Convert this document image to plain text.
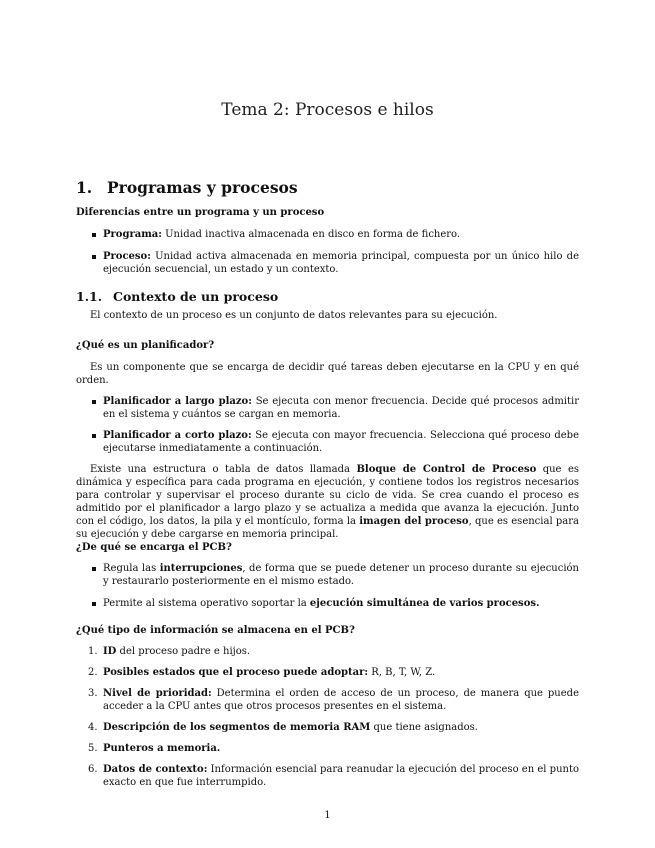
Tema 2: Procesos e hilos
1. Programas y procesos
Diferencias entre un programa y un proceso
Programa: Unidad inactiva almacenada en disco en forma de fichero.
Proceso: Unidad activa almacenada en memoria principal, compuesta por un único hilo de ejecución secuencial, un estado y un contexto.
1.1. Contexto de un proceso

El contexto de un proceso es un conjunto de datos relevantes para su ejecución.

¿Qué es un planificador?

Es un componente que se encarga de decidir qué tareas deben ejecutarse en la CPU y en qué orden.

Planificador a largo plazo: Se ejecuta con menor frecuencia. Decide qué procesos admitir en el sistema y cuántos se cargan en memoria.
Planificador a corto plazo: Se ejecuta con mayor frecuencia. Selecciona qué proceso debe ejecutarse inmediatamente a continuación.

Existe una estructura o tabla de datos llamada Bloque de Control de Proceso que es dinámica y específica para cada programa en ejecución, y contiene todos los registros necesarios para controlar y supervisar el proceso durante su ciclo de vida. Se crea cuando el proceso es admitido por el planificador a largo plazo y se actualiza a medida que avanza la ejecución. Junto con el código, los datos, la pila y el montículo, forma la imagen del proceso, que es esencial para su ejecución y debe cargarse en memoria principal.

¿De qué se encarga el PCB?
Regula las interrupciones, de forma que se puede detener un proceso durante su ejecución y restaurarlo posteriormente en el mismo estado.
Permite al sistema operativo soportar la ejecución simultánea de varios procesos.
¿Qué tipo de información se almacena en el PCB?
1. ID del proceso padre e hijos.
2. Posibles estados que el proceso puede adoptar: R, B, T, W, Z.
3. Nivel de prioridad: Determina el orden de acceso de un proceso, de manera que puede acceder a la CPU antes que otros procesos presentes en el sistema.
4. Descripción de los segmentos de memoria RAM que tiene asignados.
5. Punteros a memoria.
6. Datos de contexto: Información esencial para reanudar la ejecución del proceso en el punto exacto en que fue interrumpido.
1
